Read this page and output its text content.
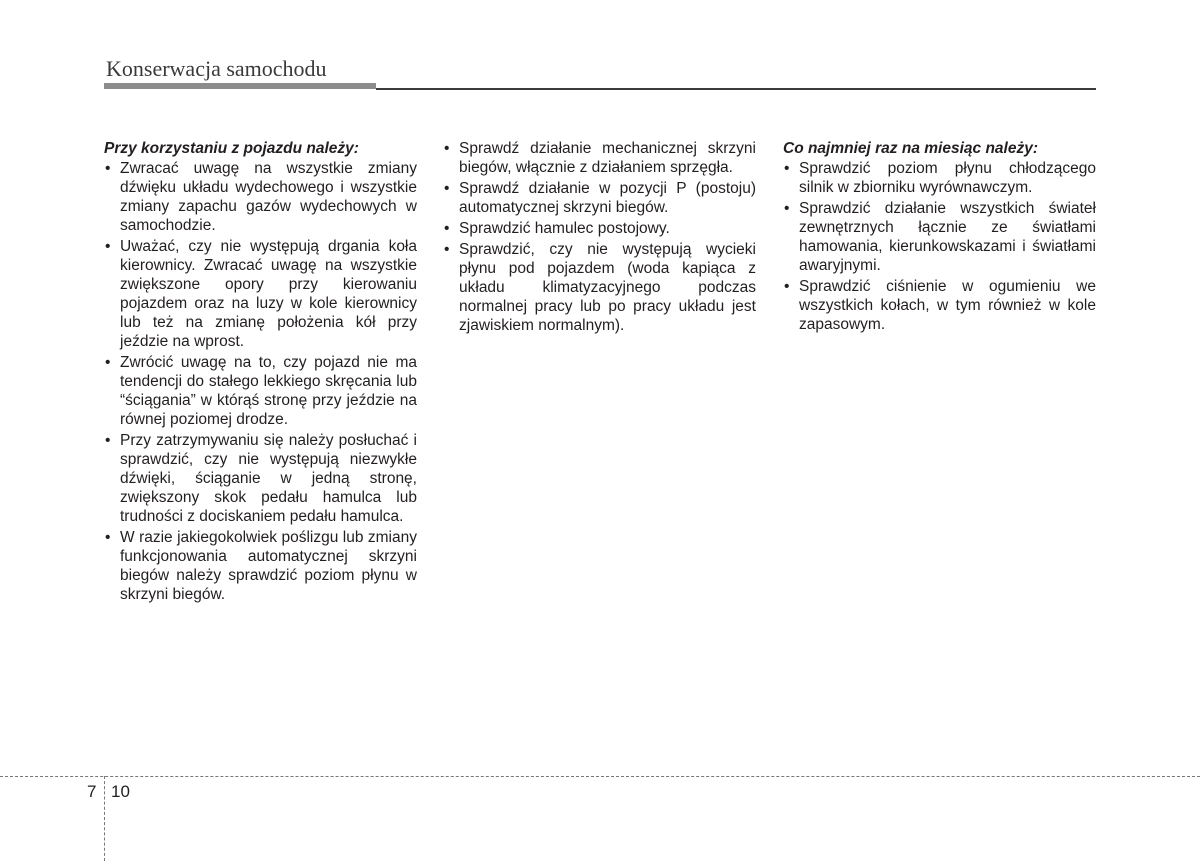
Konserwacja samochodu
Przy korzystaniu z pojazdu należy:
• Zwracać uwagę na wszystkie zmiany dźwięku układu wydechowego i wszystkie zmiany zapachu gazów wydechowych w samochodzie.
• Uważać, czy nie występują drgania koła kierownicy. Zwracać uwagę na wszystkie zwiększone opory przy kierowaniu pojazdem oraz na luzy w kole kierownicy lub też na zmianę położenia kół przy jeździe na wprost.
• Zwrócić uwagę na to, czy pojazd nie ma tendencji do stałego lekkiego skręcania lub “ściągania” w którąś stronę przy jeździe na równej poziomej drodze.
• Przy zatrzymywaniu się należy posłuchać i sprawdzić, czy nie występują niezwykłe dźwięki, ściąganie w jedną stronę, zwiększony skok pedału hamulca lub trudności z dociskaniem pedału hamulca.
• W razie jakiegokolwiek poślizgu lub zmiany funkcjonowania automatycznej skrzyni biegów należy sprawdzić poziom płynu w skrzyni biegów.
• Sprawdź działanie mechanicznej skrzyni biegów, włącznie z działaniem sprzęgła.
• Sprawdź działanie w pozycji P (postoju) automatycznej skrzyni biegów.
• Sprawdzić hamulec postojowy.
• Sprawdzić, czy nie występują wycieki płynu pod pojazdem (woda kapiąca z układu klimatyzacyjnego podczas normalnej pracy lub po pracy układu jest zjawiskiem normalnym).
Co najmniej raz na miesiąc należy:
• Sprawdzić poziom płynu chłodzącego silnik w zbiorniku wyrównawczym.
• Sprawdzić działanie wszystkich świateł zewnętrznych łącznie ze światłami hamowania, kierunkowskazami i światłami awaryjnymi.
• Sprawdzić ciśnienie w ogumieniu we wszystkich kołach, w tym również w kole zapasowym.
7 10
